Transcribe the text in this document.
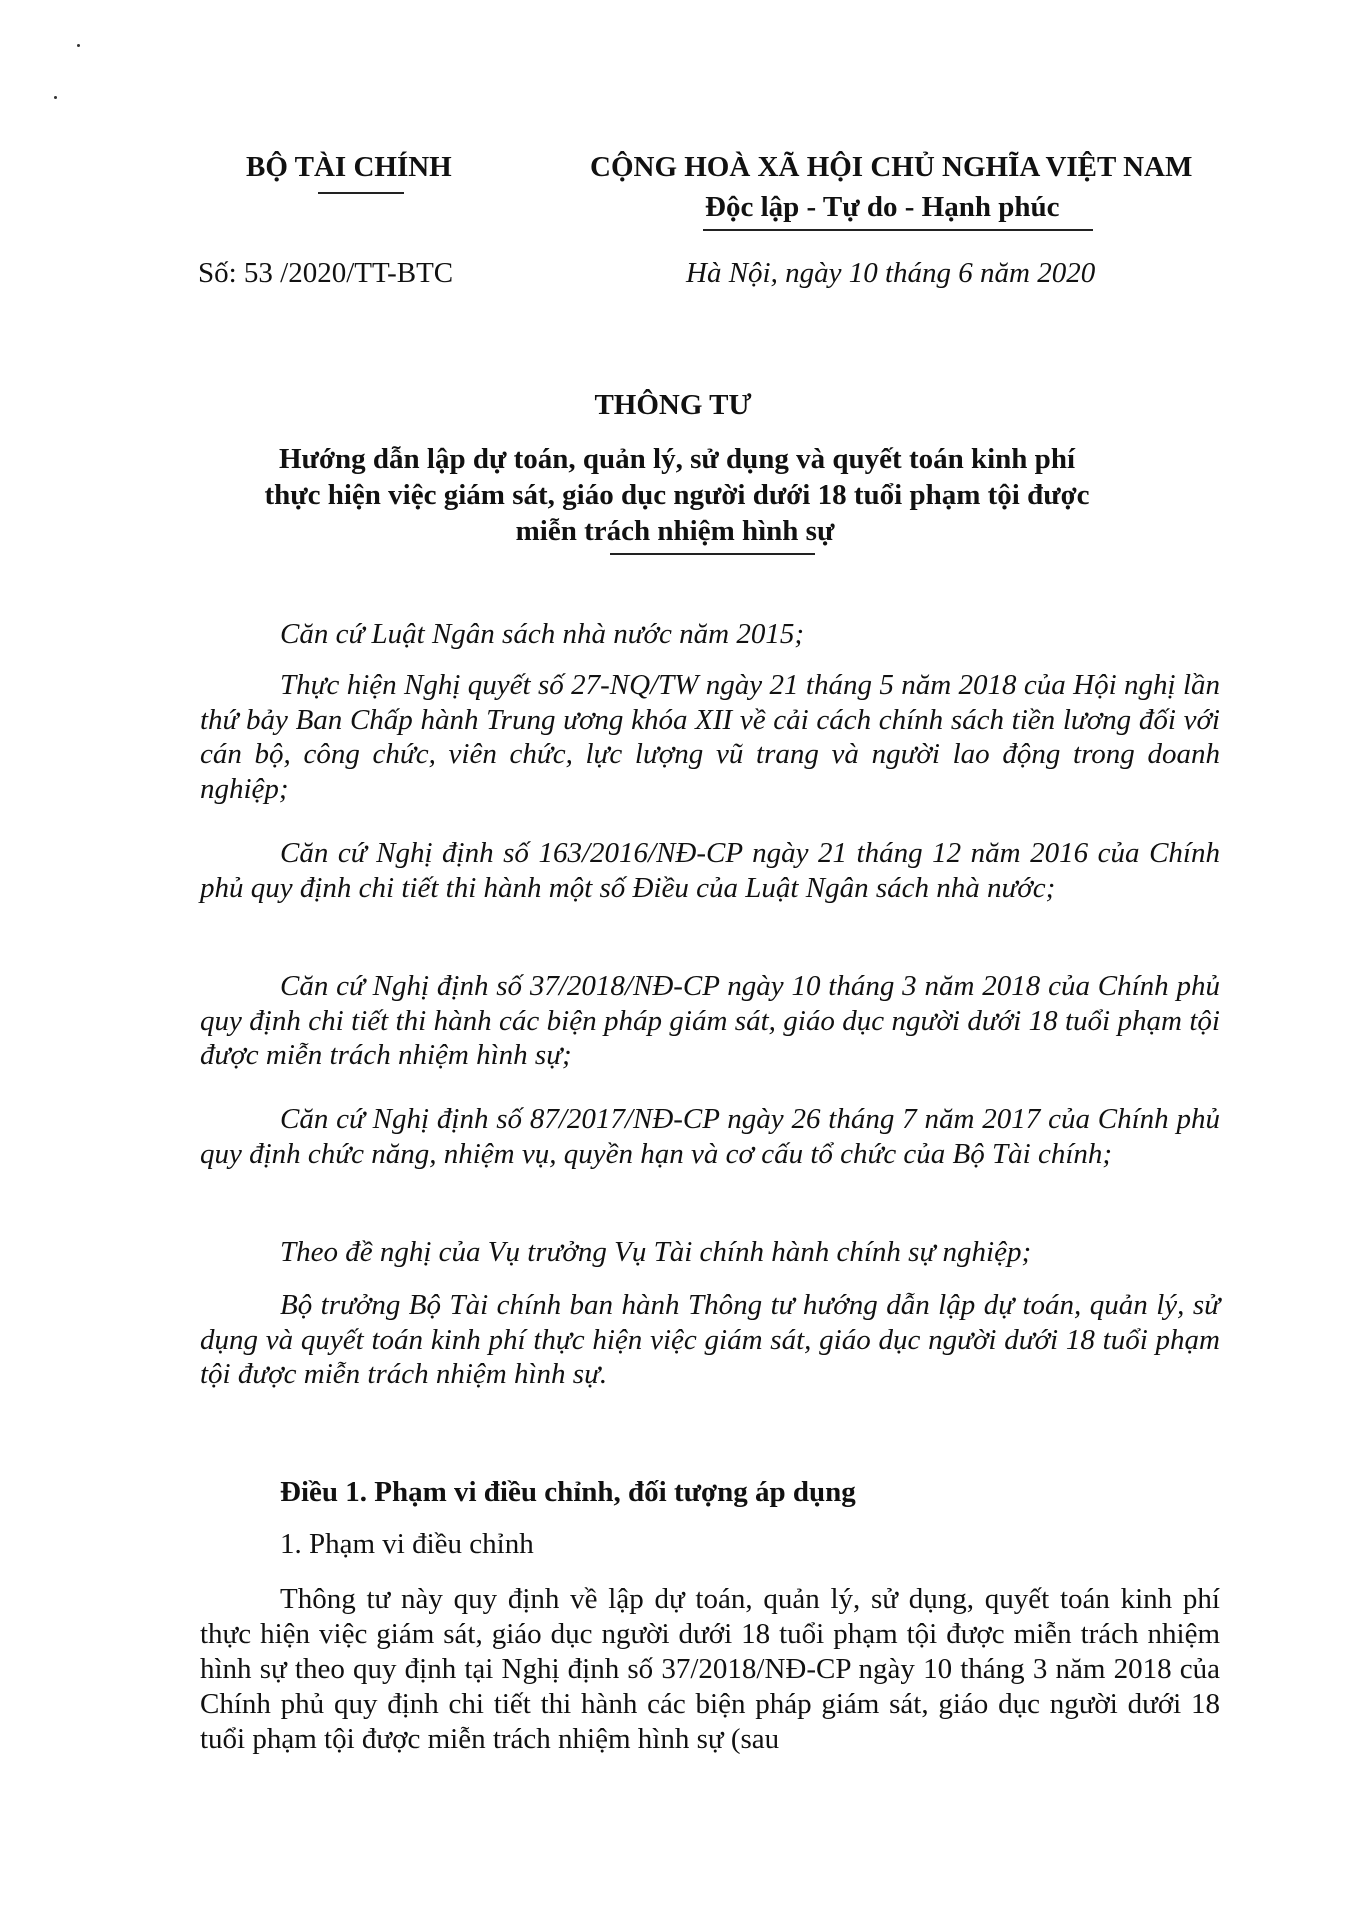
BỘ TÀI CHÍNH	CỘNG HOÀ XÃ HỘI CHỦ NGHĨA VIỆT NAM
Độc lập - Tự do - Hạnh phúc
Số: 53 /2020/TT-BTC	Hà Nội, ngày 10 tháng 6 năm 2020
THÔNG TƯ
Hướng dẫn lập dự toán, quản lý, sử dụng và quyết toán kinh phí
thực hiện việc giám sát, giáo dục người dưới 18 tuổi phạm tội được
miễn trách nhiệm hình sự
Căn cứ Luật Ngân sách nhà nước năm 2015;
Thực hiện Nghị quyết số 27-NQ/TW ngày 21 tháng 5 năm 2018 của Hội nghị lần thứ bảy Ban Chấp hành Trung ương khóa XII về cải cách chính sách tiền lương đối với cán bộ, công chức, viên chức, lực lượng vũ trang và người lao động trong doanh nghiệp;
Căn cứ Nghị định số 163/2016/NĐ-CP ngày 21 tháng 12 năm 2016 của Chính phủ quy định chi tiết thi hành một số Điều của Luật Ngân sách nhà nước;
Căn cứ Nghị định số 37/2018/NĐ-CP ngày 10 tháng 3 năm 2018 của Chính phủ quy định chi tiết thi hành các biện pháp giám sát, giáo dục người dưới 18 tuổi phạm tội được miễn trách nhiệm hình sự;
Căn cứ Nghị định số 87/2017/NĐ-CP ngày 26 tháng 7 năm 2017 của Chính phủ quy định chức năng, nhiệm vụ, quyền hạn và cơ cấu tổ chức của Bộ Tài chính;
Theo đề nghị của Vụ trưởng Vụ Tài chính hành chính sự nghiệp;
Bộ trưởng Bộ Tài chính ban hành Thông tư hướng dẫn lập dự toán, quản lý, sử dụng và quyết toán kinh phí thực hiện việc giám sát, giáo dục người dưới 18 tuổi phạm tội được miễn trách nhiệm hình sự.
Điều 1. Phạm vi điều chỉnh, đối tượng áp dụng
1. Phạm vi điều chỉnh
Thông tư này quy định về lập dự toán, quản lý, sử dụng, quyết toán kinh phí thực hiện việc giám sát, giáo dục người dưới 18 tuổi phạm tội được miễn trách nhiệm hình sự theo quy định tại Nghị định số 37/2018/NĐ-CP ngày 10 tháng 3 năm 2018 của Chính phủ quy định chi tiết thi hành các biện pháp giám sát, giáo dục người dưới 18 tuổi phạm tội được miễn trách nhiệm hình sự (sau
